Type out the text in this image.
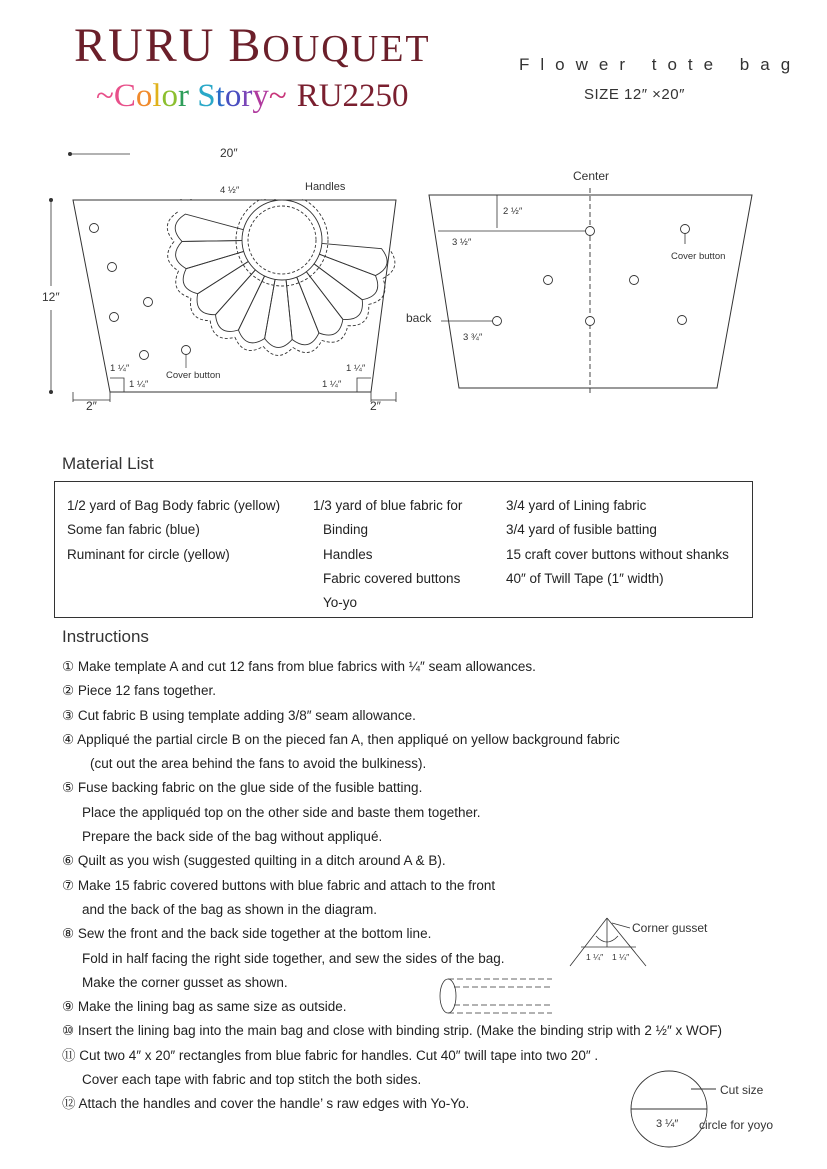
RURU BOUQUET
~Color Story~ RU2250
Flower tote bag
SIZE 12″ ×20″
20″
12″
4 ½″	Handles
2″	2″
1 ¼″
1 ¼″
1 ¼″
1 ¼″
Cover button
Center
back
2 ½″
3 ½″
3 ¾″
Cover button
Material List
1/2 yard of Bag Body fabric (yellow)
Some fan fabric (blue)
Ruminant for circle (yellow)
1/3 yard of blue fabric for
Binding
Handles
Fabric covered buttons
Yo-yo
3/4 yard of Lining fabric
3/4 yard of fusible batting
15 craft cover buttons without shanks
40″ of Twill Tape (1″ width)
Instructions
① Make template A and cut 12 fans from blue fabrics with ¼″ seam allowances.
② Piece 12 fans together.
③ Cut fabric B using template adding 3/8″ seam allowance.
④ Appliqué the partial circle B on the pieced fan A, then appliqué on yellow background fabric
(cut out the area behind the fans to avoid the bulkiness).
⑤ Fuse backing fabric on the glue side of the fusible batting.
Place the appliquéd top on the other side and baste them together.
Prepare the back side of the bag without appliqué.
⑥ Quilt as you wish (suggested quilting in a ditch around A & B).
⑦ Make 15 fabric covered buttons with blue fabric and attach to the front
and the back of the bag as shown in the diagram.
⑧ Sew the front and the back side together at the bottom line.
Fold in half facing the right side together, and sew the sides of the bag.
Make the corner gusset as shown.
⑨ Make the lining bag as same size as outside.
⑩ Insert the lining bag into the main bag and close with binding strip. (Make the binding strip with 2 ½″ x WOF)
⑪ Cut two 4″ x 20″ rectangles from blue fabric for handles. Cut 40″ twill tape into two 20″ .
Cover each tape with fabric and top stitch the both sides.
⑫ Attach the handles and cover the handle’ s raw edges with Yo-Yo.
Corner gusset
1 ¼″ 1 ¼″
Cut size
3 ¼″ circle for yoyo
